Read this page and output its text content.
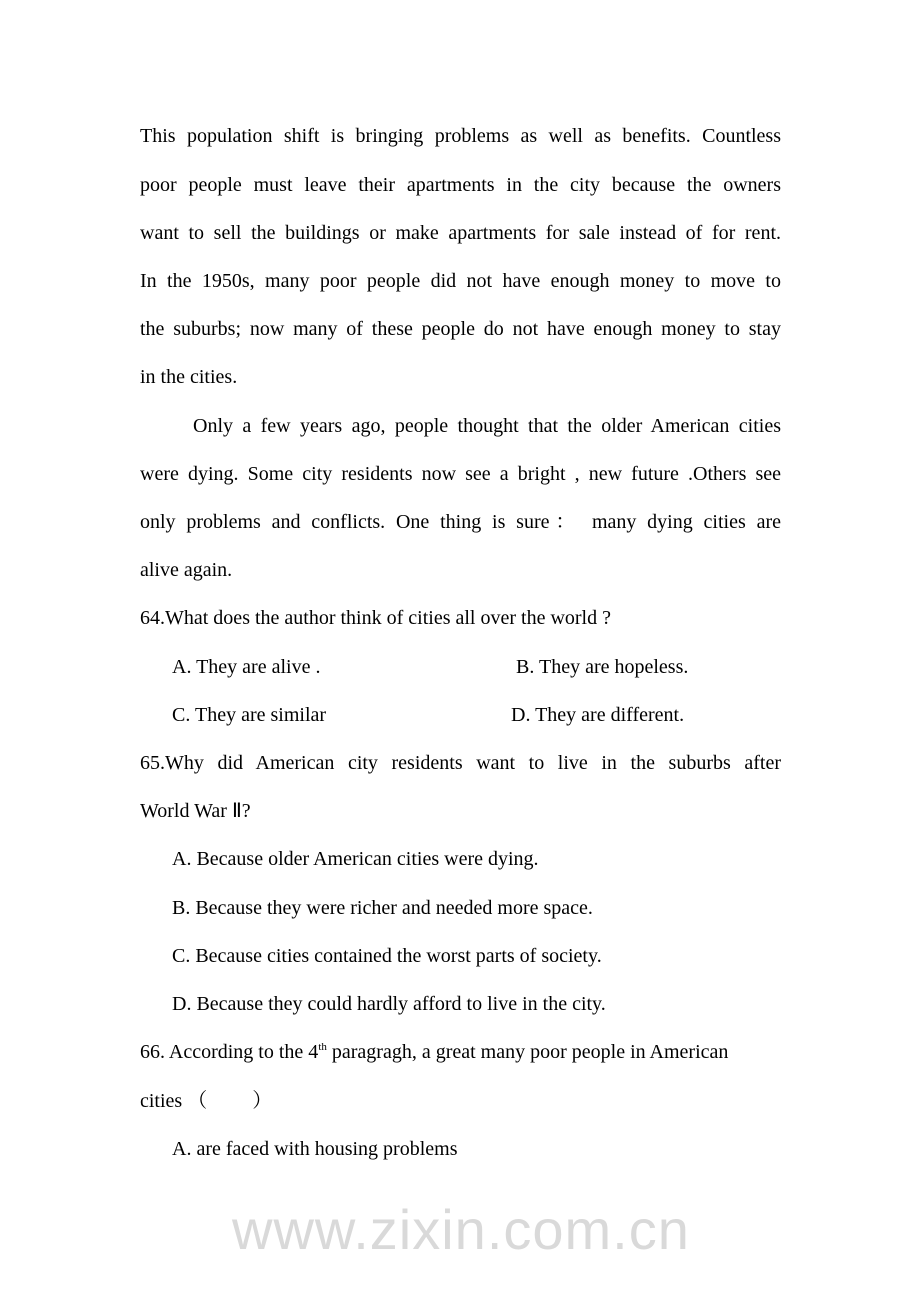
www.zixin.com.cn
This population shift is bringing problems as well as benefits. Countless
poor people must leave their apartments in the city because the owners
want to sell the buildings or make apartments for sale instead of for rent.
In the 1950s, many poor people did not have enough money to move to
the suburbs; now many of these people do not have enough money to stay
in the cities.
Only a few years ago, people thought that the older American cities
were dying. Some city residents now see a bright , new future .Others see
only problems and conflicts. One thing is sure： many dying cities are
alive again.
64.What does the author think of cities all over the world ?
A. They are alive .	B. They are hopeless.
C. They are similar	D. They are different.
65.Why did American city residents want to live in the suburbs after
World War Ⅱ?
A. Because older American cities were dying.
B. Because they were richer and needed more space.
C. Because cities contained the worst parts of society.
D. Because they could hardly afford to live in the city.
66. According to the 4th paragragh, a great many poor people in American
cities （　　 ）
A. are faced with housing problems
